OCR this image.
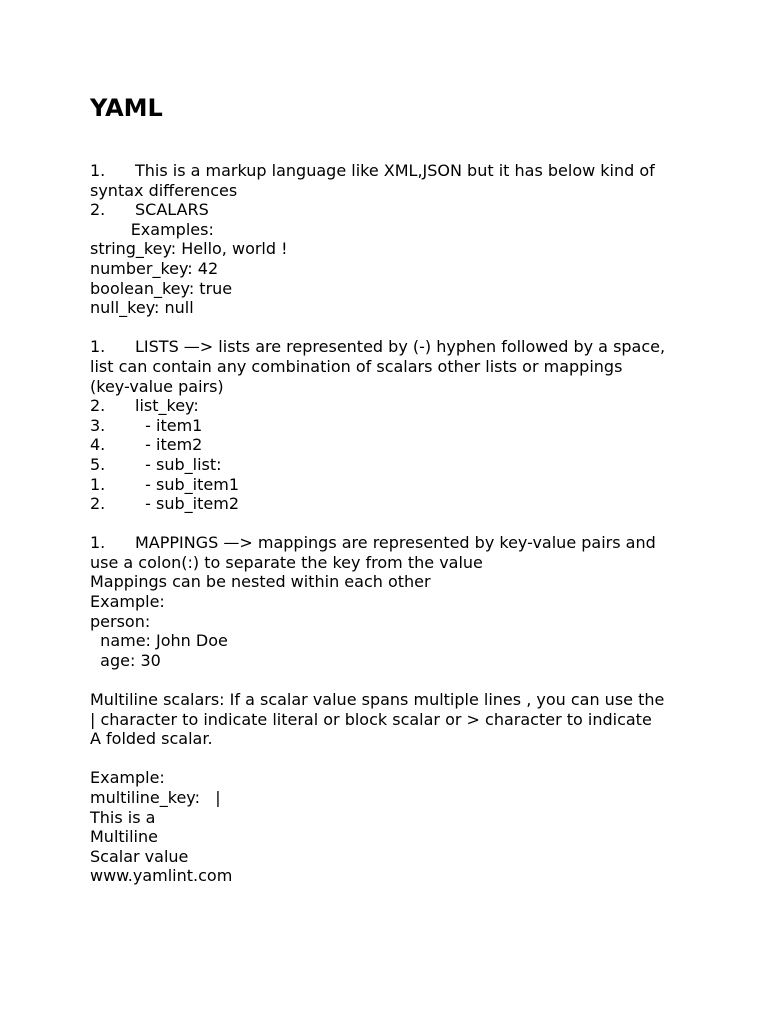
YAML
1. This is a markup language like XML,JSON but it has below kind of
syntax differences
2. SCALARS
Examples:
string_key: Hello, world !
number_key: 42
boolean_key: true
null_key: null
1. LISTS —> lists are represented by (-) hyphen followed by a space,
list can contain any combination of scalars other lists or mappings
(key-value pairs)
2. list_key:
3.  - item1
4.  - item2
5.  - sub_list:
1.  - sub_item1
2.  - sub_item2
1. MAPPINGS —> mappings are represented by key-value pairs and
use a colon(:) to separate the key from the value
Mappings can be nested within each other
Example:
person:
name: John Doe
age: 30
Multiline scalars: If a scalar value spans multiple lines , you can use the
| character to indicate literal or block scalar or > character to indicate
A folded scalar.
Example:
multiline_key:   |
This is a
Multiline
Scalar value
www.yamlint.com
